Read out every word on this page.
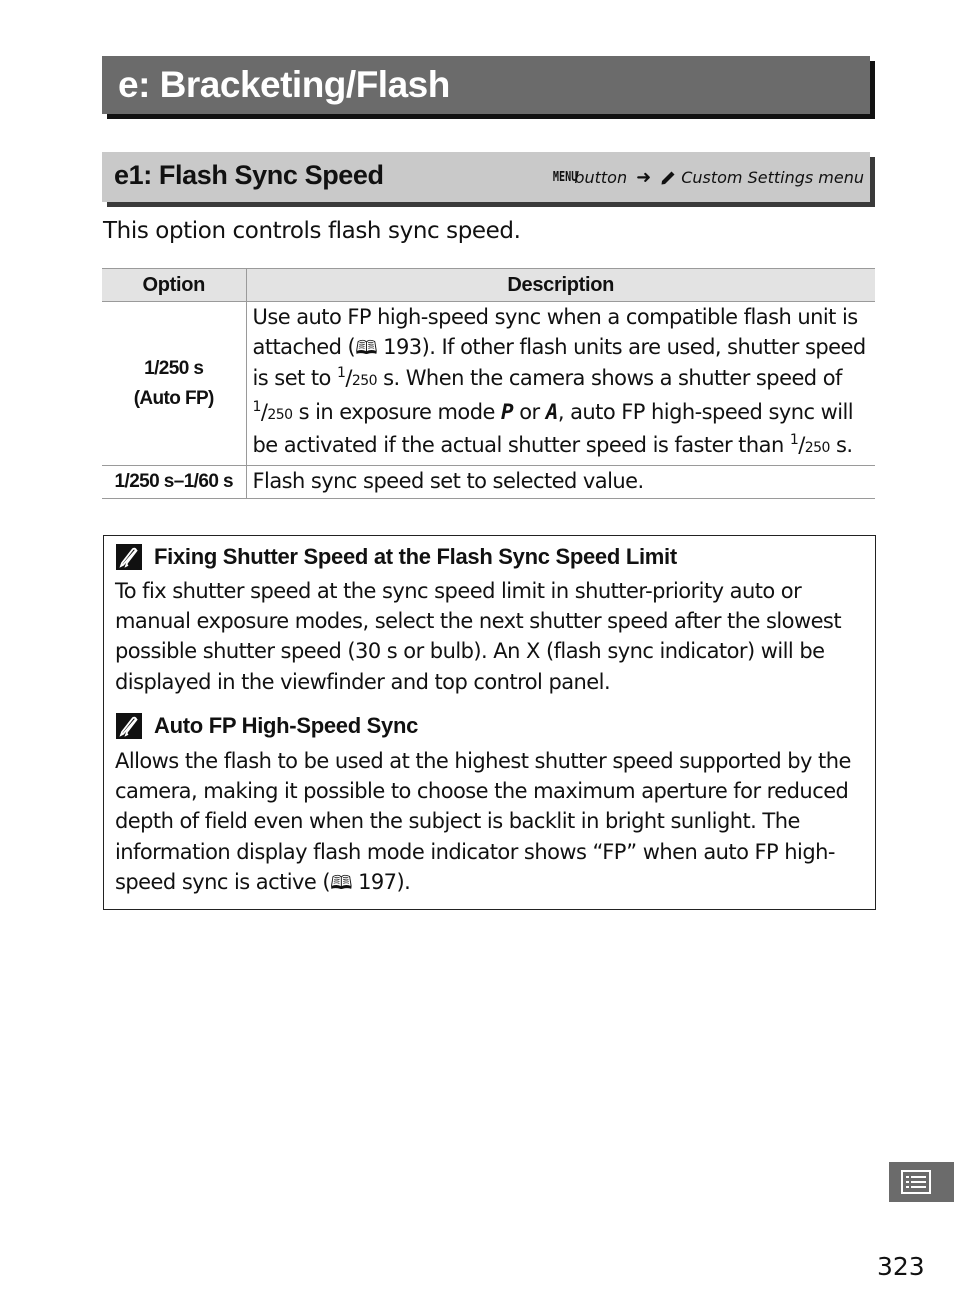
e: Bracketing/Flash
e1: Flash Sync Speed	MENU
button ➜ Custom Settings menu
This option controls flash sync speed.
Option	Description

1/250 s
(Auto FP)	Use auto FP high-speed sync when a compatible flash unit is attached (🕮 193). If other flash units are used, shutter speed is set to $^1$/250 s. When the camera shows a shutter speed of $^1$/250 s in exposure mode P or A, auto FP high-speed sync will be activated if the actual shutter speed is faster than $^1$/250 s.
1/250 s–1/60 s	Flash sync speed set to selected value.
Fixing Shutter Speed at the Flash Sync Speed Limit
To fix shutter speed at the sync speed limit in shutter-priority auto or manual exposure modes, select the next shutter speed after the slowest possible shutter speed (30 s or bulb). An X (flash sync indicator) will be displayed in the viewfinder and top control panel.
Auto FP High-Speed Sync
Allows the flash to be used at the highest shutter speed supported by the camera, making it possible to choose the maximum aperture for reduced depth of field even when the subject is backlit in bright sunlight. The information display flash mode indicator shows “FP” when auto FP high-speed sync is active (🕮 197).
323
